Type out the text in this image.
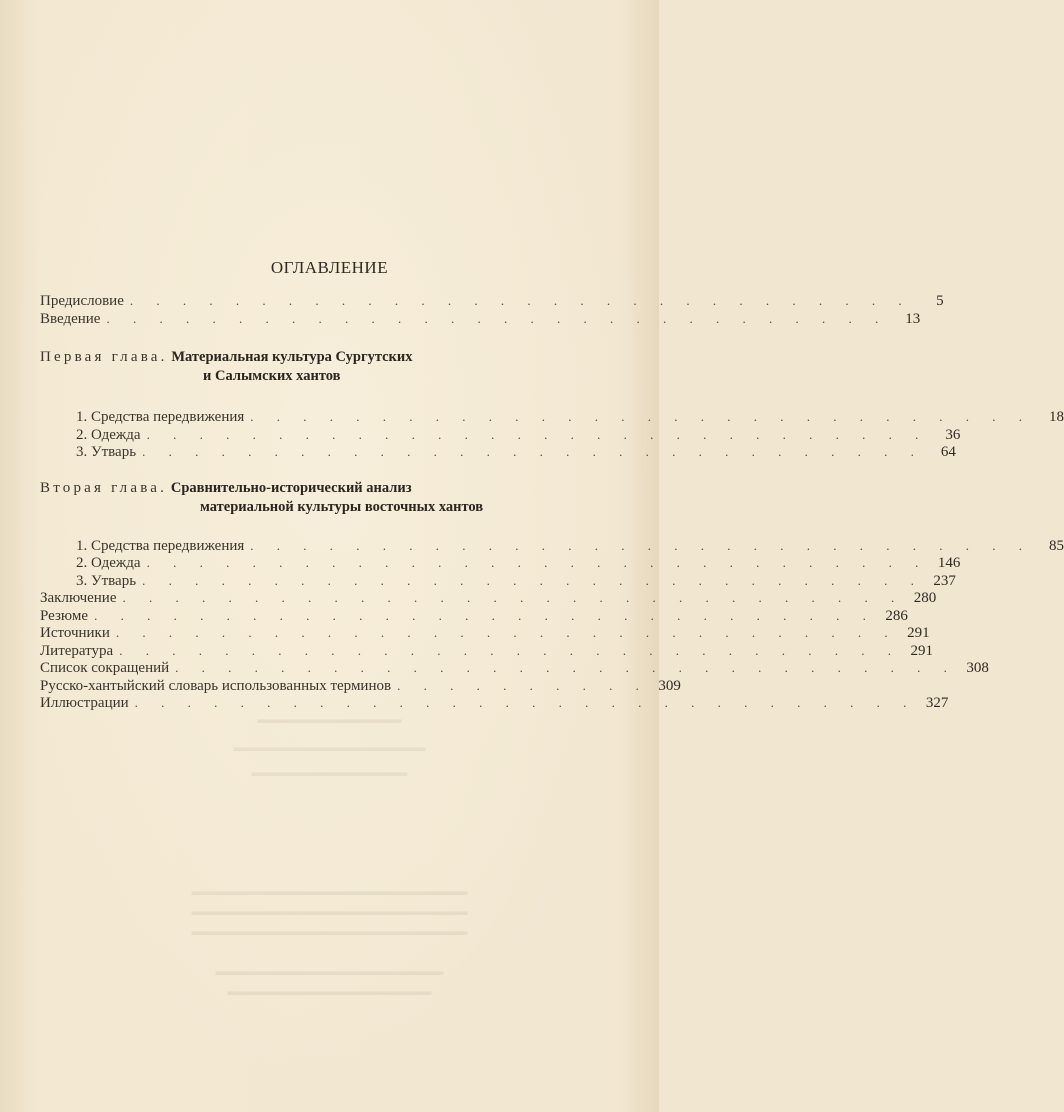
ОГЛАВЛЕНИЕ
Предисловие . . . . . . . . . . . . . . . . . . . . . . . . . . . . . .	5
Введение . . . . . . . . . . . . . . . . . . . . . . . . . . . . . .	13
Первая глава. Материальная культура Сургутских
и Салымских хантов
1. Средства передвижения . . . . . . . . . . . . . . . . . . . . . . . . . . . . . .	18
2. Одежда . . . . . . . . . . . . . . . . . . . . . . . . . . . . . .	36
3. Утварь . . . . . . . . . . . . . . . . . . . . . . . . . . . . . .	64
Вторая глава. Сравнительно-исторический анализ
материальной культуры восточных хантов
1. Средства передвижения . . . . . . . . . . . . . . . . . . . . . . . . . . . . . .	85
2. Одежда . . . . . . . . . . . . . . . . . . . . . . . . . . . . . . 146
3. Утварь . . . . . . . . . . . . . . . . . . . . . . . . . . . . . . 237
Заключение . . . . . . . . . . . . . . . . . . . . . . . . . . . . . . 280
Резюме . . . . . . . . . . . . . . . . . . . . . . . . . . . . . . 286
Источники . . . . . . . . . . . . . . . . . . . . . . . . . . . . . . 291
Литература . . . . . . . . . . . . . . . . . . . . . . . . . . . . . . 291
Список сокращений . . . . . . . . . . . . . . . . . . . . . . . . . . . . . . 308
Русско-хантыйский словарь использованных терминов . . . . . . . . . . 309
Иллюстрации . . . . . . . . . . . . . . . . . . . . . . . . . . . . . . 327
▬▬▬▬▬▬▬▬▬▬▬▬
▬▬▬▬▬▬▬▬▬▬▬▬▬▬▬▬
▬▬▬▬▬▬▬▬▬▬▬▬▬
▬▬▬▬▬▬▬▬▬▬▬▬▬▬▬▬▬▬▬▬▬▬▬
▬▬▬▬▬▬▬▬▬▬▬▬▬▬▬▬▬▬▬▬▬▬▬
▬▬▬▬▬▬▬▬▬▬▬▬▬▬▬▬▬▬▬▬▬▬▬
▬▬▬▬▬▬▬▬▬▬▬▬▬▬▬▬▬▬▬
▬▬▬▬▬▬▬▬▬▬▬▬▬▬▬▬▬
